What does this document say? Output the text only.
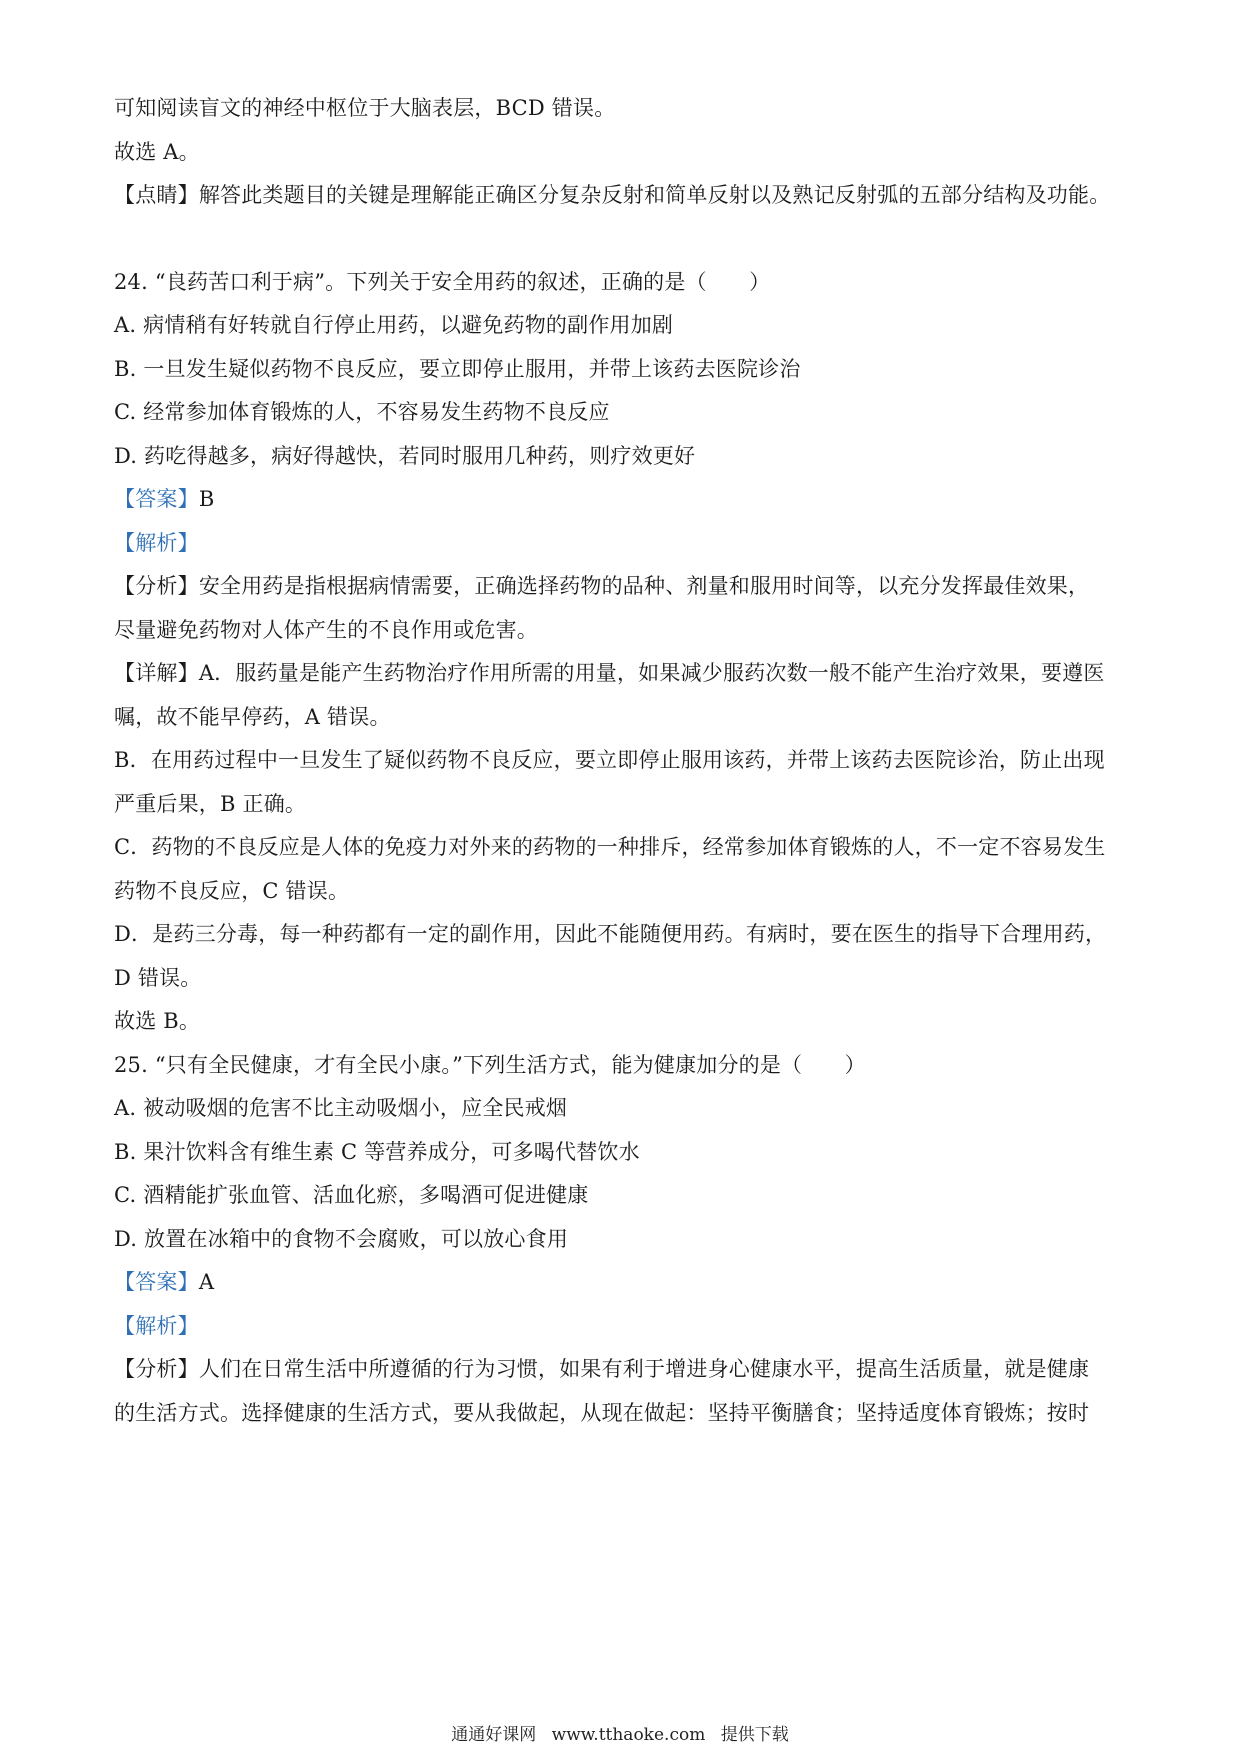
可知阅读盲文的神经中枢位于大脑表层，BCD 错误。
故选 A。
【点睛】解答此类题目的关键是理解能正确区分复杂反射和简单反射以及熟记反射弧的五部分结构及功能。
24. “良药苦口利于病”。下列关于安全用药的叙述，正确的是（　　）
A. 病情稍有好转就自行停止用药，以避免药物的副作用加剧
B. 一旦发生疑似药物不良反应，要立即停止服用，并带上该药去医院诊治
C. 经常参加体育锻炼的人，不容易发生药物不良反应
D. 药吃得越多，病好得越快，若同时服用几种药，则疗效更好
【答案】B
【解析】
【分析】安全用药是指根据病情需要，正确选择药物的品种、剂量和服用时间等，以充分发挥最佳效果，
尽量避免药物对人体产生的不良作用或危害。
【详解】A．服药量是能产生药物治疗作用所需的用量，如果减少服药次数一般不能产生治疗效果，要遵医
嘱，故不能早停药，A 错误。
B．在用药过程中一旦发生了疑似药物不良反应，要立即停止服用该药，并带上该药去医院诊治，防止出现
严重后果，B 正确。
C．药物的不良反应是人体的免疫力对外来的药物的一种排斥，经常参加体育锻炼的人，不一定不容易发生
药物不良反应，C 错误。
D．是药三分毒，每一种药都有一定的副作用，因此不能随便用药。有病时，要在医生的指导下合理用药，
D 错误。
故选 B。
25. “只有全民健康，才有全民小康。”下列生活方式，能为健康加分的是（　　）
A. 被动吸烟的危害不比主动吸烟小，应全民戒烟
B. 果汁饮料含有维生素 C 等营养成分，可多喝代替饮水
C. 酒精能扩张血管、活血化瘀，多喝酒可促进健康
D. 放置在冰箱中的食物不会腐败，可以放心食用
【答案】A
【解析】
【分析】人们在日常生活中所遵循的行为习惯，如果有利于增进身心健康水平，提高生活质量，就是健康
的生活方式。选择健康的生活方式，要从我做起，从现在做起：坚持平衡膳食；坚持适度体育锻炼；按时
通通好课网 www.tthaoke.com 提供下载
